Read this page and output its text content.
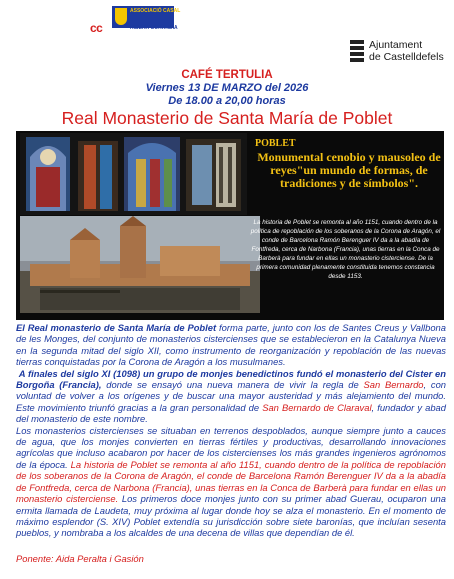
cc
ASSOCIACIÓ CASAL
RIBERA GORANDIA
Ajuntament
de Castelldefels
CAFÉ TERTULIA
Viernes 13 DE MARZO del 2026
De 18.00 a 20,00 horas
Real Monasterio de Santa María de Poblet
POBLET
Monumental cenobio y mausoleo de reyes"un mundo de formas, de tradiciones y de símbolos".
La historia de Poblet se remonta al año 1151, cuando dentro de la política de repoblación de los soberanos de la Corona de Aragón, el conde de Barcelona Ramón Berenguer IV da a la abadía de Fontfreda, cerca de Narbona (Francia), unas tierras en la Conca de Barberà para fundar en ellas un monasterio cisterciense. De la primera comunidad plenamente constituida tenemos constancia desde 1153.

El Real monasterio de Santa María de Poblet forma parte, junto con los de Santes Creus y Vallbona de les Monges, del conjunto de monasterios cistercienses que se establecieron en la Catalunya Nueva en la segunda mitad del siglo XII, como instrumento de reorganización y repoblación de las nuevas tierras conquistadas por la Corona de Aragón a los musulmanes.

A finales del siglo XI (1098) un grupo de monjes benedictinos fundó el monasterio del Cister en Borgoña (Francia), donde se ensayó una nueva manera de vivir la regla de San Bernardo, con voluntad de volver a los orígenes y de buscar una mayor austeridad y más alejamiento del mundo. Este movimiento triunfó gracias a la gran personalidad de San Bernardo de Claraval, fundador y abad del monasterio de este nombre.

Los monasterios cistercienses se situaban en terrenos despoblados, aunque siempre junto a cauces de agua, que los monjes convierten en tierras fértiles y productivas, desarrollando innovaciones agrícolas que incluso acabaron por hacer de los cistercienses los más grandes ingenieros agrónomos de la época. La historia de Poblet se remonta al año 1151, cuando dentro de la política de repoblación de los soberanos de la Corona de Aragón, el conde de Barcelona Ramón Berenguer IV da a la abadía de Fontfreda, cerca de Narbona (Francia), unas tierras en la Conca de Barberà para fundar en ellas un monasterio cisterciense. Los primeros doce monjes junto con su primer abad Guerau, ocuparon una ermita llamada de Laudeta, muy próxima al lugar donde hoy se alza el monasterio. En el momento de máximo esplendor (S. XIV) Poblet extendía su jurisdicción sobre siete baronías, que incluían sesenta pueblos, y nombraba a los alcaldes de una decena de villas que dependían de él.

Ponente: Aida Peralta i Gasión
